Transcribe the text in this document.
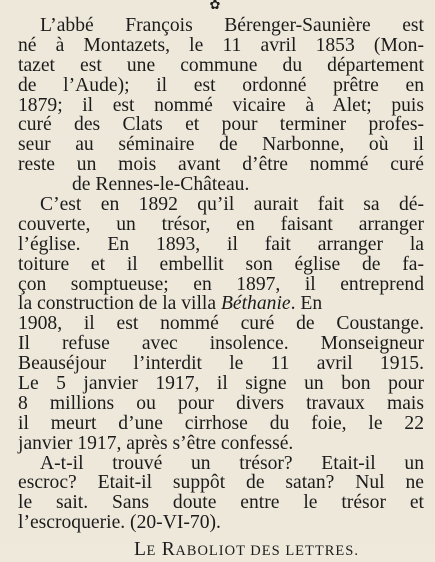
✿
L’abbé François Bérenger-Saunière est
né à Montazets, le 11 avril 1853 (Mon-
tazet est une commune du département
de l’Aude); il est ordonné prêtre en
1879; il est nommé vicaire à Alet; puis
curé des Clats et pour terminer profes-
seur au séminaire de Narbonne, où il
reste un mois avant d’être nommé curé
de Rennes-le-Château.
C’est en 1892 qu’il aurait fait sa dé-
couverte, un trésor, en faisant arranger
l’église. En 1893, il fait arranger la
toiture et il embellit son église de fa-
çon somptueuse; en 1897, il entreprend
la construction de la villa Béthanie. En
1908, il est nommé curé de Coustange.
Il refuse avec insolence. Monseigneur
Beauséjour l’interdit le 11 avril 1915.
Le 5 janvier 1917, il signe un bon pour
8 millions ou pour divers travaux mais
il meurt d’une cirrhose du foie, le 22
janvier 1917, après s’être confessé.
A-t-il trouvé un trésor? Etait-il un
escroc? Etait-il suppôt de satan? Nul ne
le sait. Sans doute entre le trésor et
l’escroquerie. (20-VI-70).
LE RABOLIOT DES LETTRES.
